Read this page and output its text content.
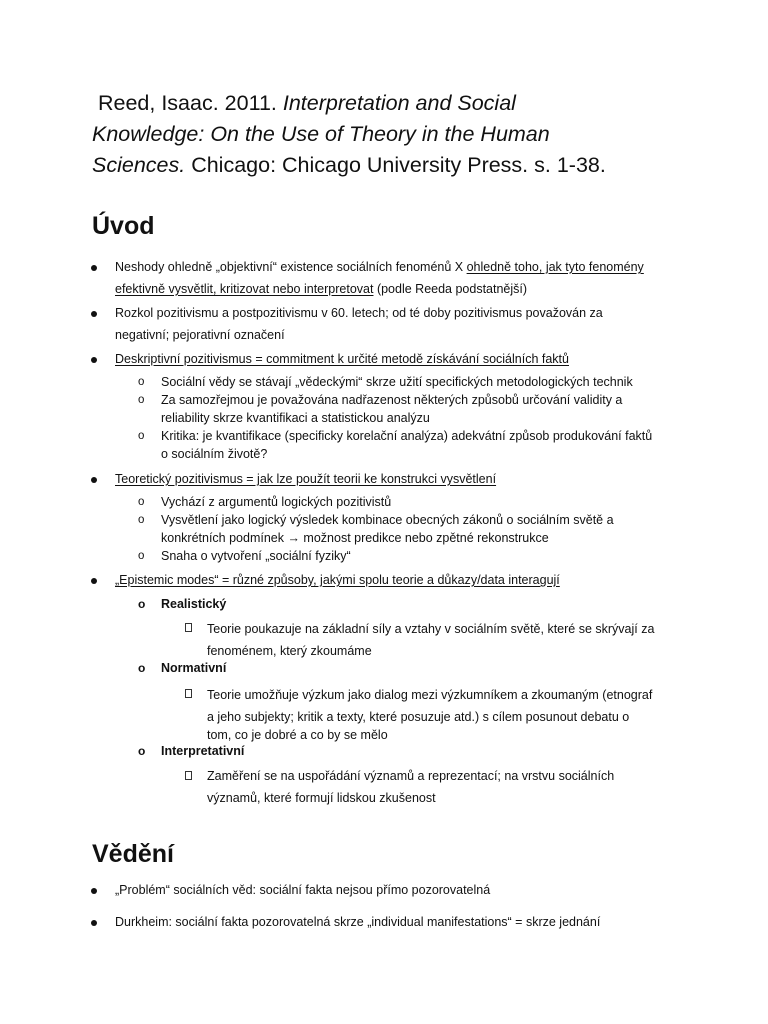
Reed, Isaac. 2011. Interpretation and Social
Knowledge: On the Use of Theory in the Human
Sciences. Chicago: Chicago University Press. s. 1-38.
Úvod
Neshody ohledně „objektivní“ existence sociálních fenoménů X ohledně toho, jak tyto fenomény
efektivně vysvětlit, kritizovat nebo interpretovat (podle Reeda podstatnější)
Rozkol pozitivismu a postpozitivismu v 60. letech; od té doby pozitivismus považován za
negativní; pejorativní označení
Deskriptivní pozitivismus = commitment k určité metodě získávání sociálních faktů
o Sociální vědy se stávají „vědeckými“ skrze užití specifických metodologických technik
o Za samozřejmou je považována nadřazenost některých způsobů určování validity a
reliability skrze kvantifikaci a statistickou analýzu
o Kritika: je kvantifikace (specificky korelační analýza) adekvátní způsob produkování faktů
o sociálním životě?
Teoretický pozitivismus = jak lze použít teorii ke konstrukci vysvětlení
o Vychází z argumentů logických pozitivistů
o Vysvětlení jako logický výsledek kombinace obecných zákonů o sociálním světě a
konkrétních podmínek → možnost predikce nebo zpětné rekonstrukce
o Snaha o vytvoření „sociální fyziky“
„Epistemic modes“ = různé způsoby, jakými spolu teorie a důkazy/data interagují
o Realistický
Teorie poukazuje na základní síly a vztahy v sociálním světě, které se skrývají za
fenoménem, který zkoumáme
o Normativní
Teorie umožňuje výzkum jako dialog mezi výzkumníkem a zkoumaným (etnograf
a jeho subjekty; kritik a texty, které posuzuje atd.) s cílem posunout debatu o
tom, co je dobré a co by se mělo
o Interpretativní
Zaměření se na uspořádání významů a reprezentací; na vrstvu sociálních
významů, které formují lidskou zkušenost
Vědění
„Problém“ sociálních věd: sociální fakta nejsou přímo pozorovatelná
Durkheim: sociální fakta pozorovatelná skrze „individual manifestations“ = skrze jednání
